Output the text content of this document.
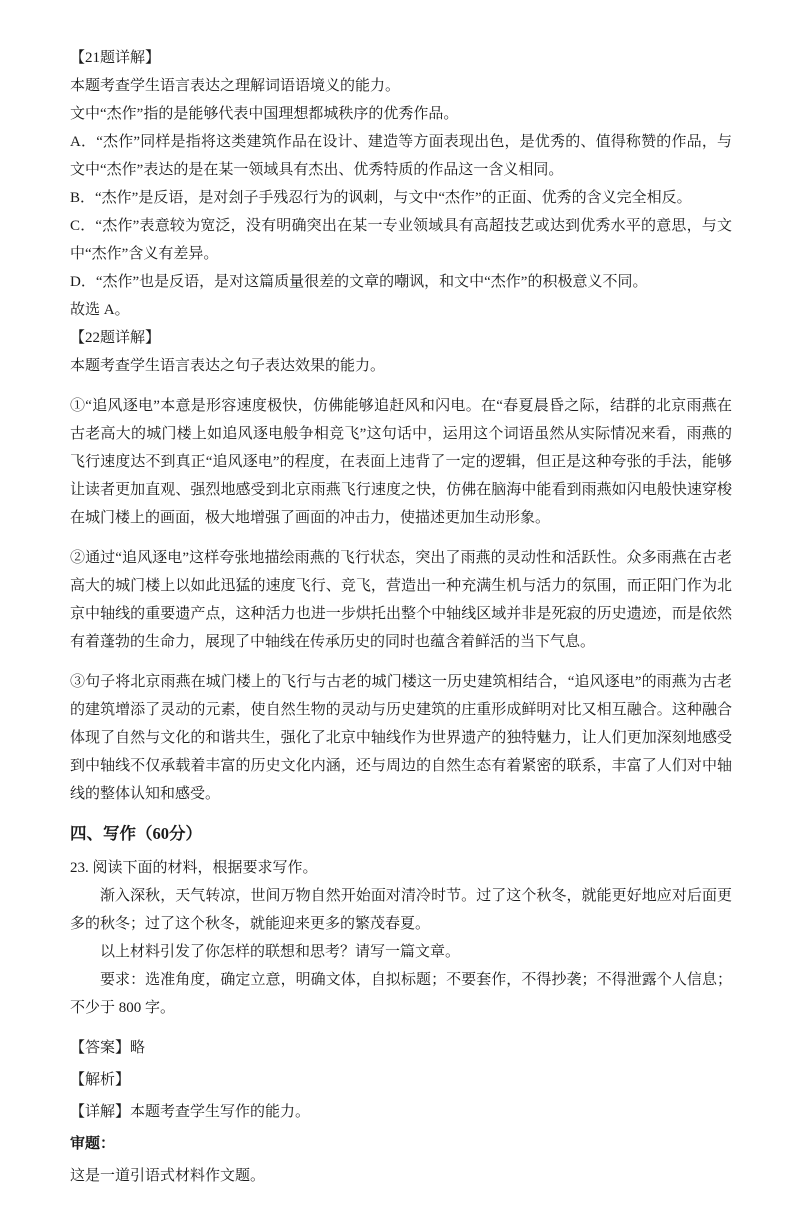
【21题详解】

本题考查学生语言表达之理解词语语境义的能力。

文中“杰作”指的是能够代表中国理想都城秩序的优秀作品。

A．“杰作”同样是指将这类建筑作品在设计、建造等方面表现出色，是优秀的、值得称赞的作品，与文中“杰作”表达的是在某一领域具有杰出、优秀特质的作品这一含义相同。

B．“杰作”是反语，是对刽子手残忍行为的讽刺，与文中“杰作”的正面、优秀的含义完全相反。

C．“杰作”表意较为宽泛，没有明确突出在某一专业领域具有高超技艺或达到优秀水平的意思，与文中“杰作”含义有差异。

D．“杰作”也是反语，是对这篇质量很差的文章的嘲讽，和文中“杰作”的积极意义不同。

故选 A。

【22题详解】

本题考查学生语言表达之句子表达效果的能力。

①“追风逐电”本意是形容速度极快，仿佛能够追赶风和闪电。在“春夏晨昏之际，结群的北京雨燕在古老高大的城门楼上如追风逐电般争相竞飞”这句话中，运用这个词语虽然从实际情况来看，雨燕的飞行速度达不到真正“追风逐电”的程度，在表面上违背了一定的逻辑，但正是这种夸张的手法，能够让读者更加直观、强烈地感受到北京雨燕飞行速度之快，仿佛在脑海中能看到雨燕如闪电般快速穿梭在城门楼上的画面，极大地增强了画面的冲击力，使描述更加生动形象。

②通过“追风逐电”这样夸张地描绘雨燕的飞行状态，突出了雨燕的灵动性和活跃性。众多雨燕在古老高大的城门楼上以如此迅猛的速度飞行、竞飞，营造出一种充满生机与活力的氛围，而正阳门作为北京中轴线的重要遗产点，这种活力也进一步烘托出整个中轴线区域并非是死寂的历史遗迹，而是依然有着蓬勃的生命力，展现了中轴线在传承历史的同时也蕴含着鲜活的当下气息。

③句子将北京雨燕在城门楼上的飞行与古老的城门楼这一历史建筑相结合，“追风逐电”的雨燕为古老的建筑增添了灵动的元素，使自然生物的灵动与历史建筑的庄重形成鲜明对比又相互融合。这种融合体现了自然与文化的和谐共生，强化了北京中轴线作为世界遗产的独特魅力，让人们更加深刻地感受到中轴线不仅承载着丰富的历史文化内涵，还与周边的自然生态有着紧密的联系，丰富了人们对中轴线的整体认知和感受。

四、写作（60分）

23. 阅读下面的材料，根据要求写作。

渐入深秋，天气转凉，世间万物自然开始面对清冷时节。过了这个秋冬，就能更好地应对后面更多的秋冬；过了这个秋冬，就能迎来更多的繁茂春夏。

以上材料引发了你怎样的联想和思考？请写一篇文章。

要求：选准角度，确定立意，明确文体，自拟标题；不要套作，不得抄袭；不得泄露个人信息；不少于 800 字。

【答案】略

【解析】

【详解】本题考查学生写作的能力。

审题：

这是一道引语式材料作文题。
